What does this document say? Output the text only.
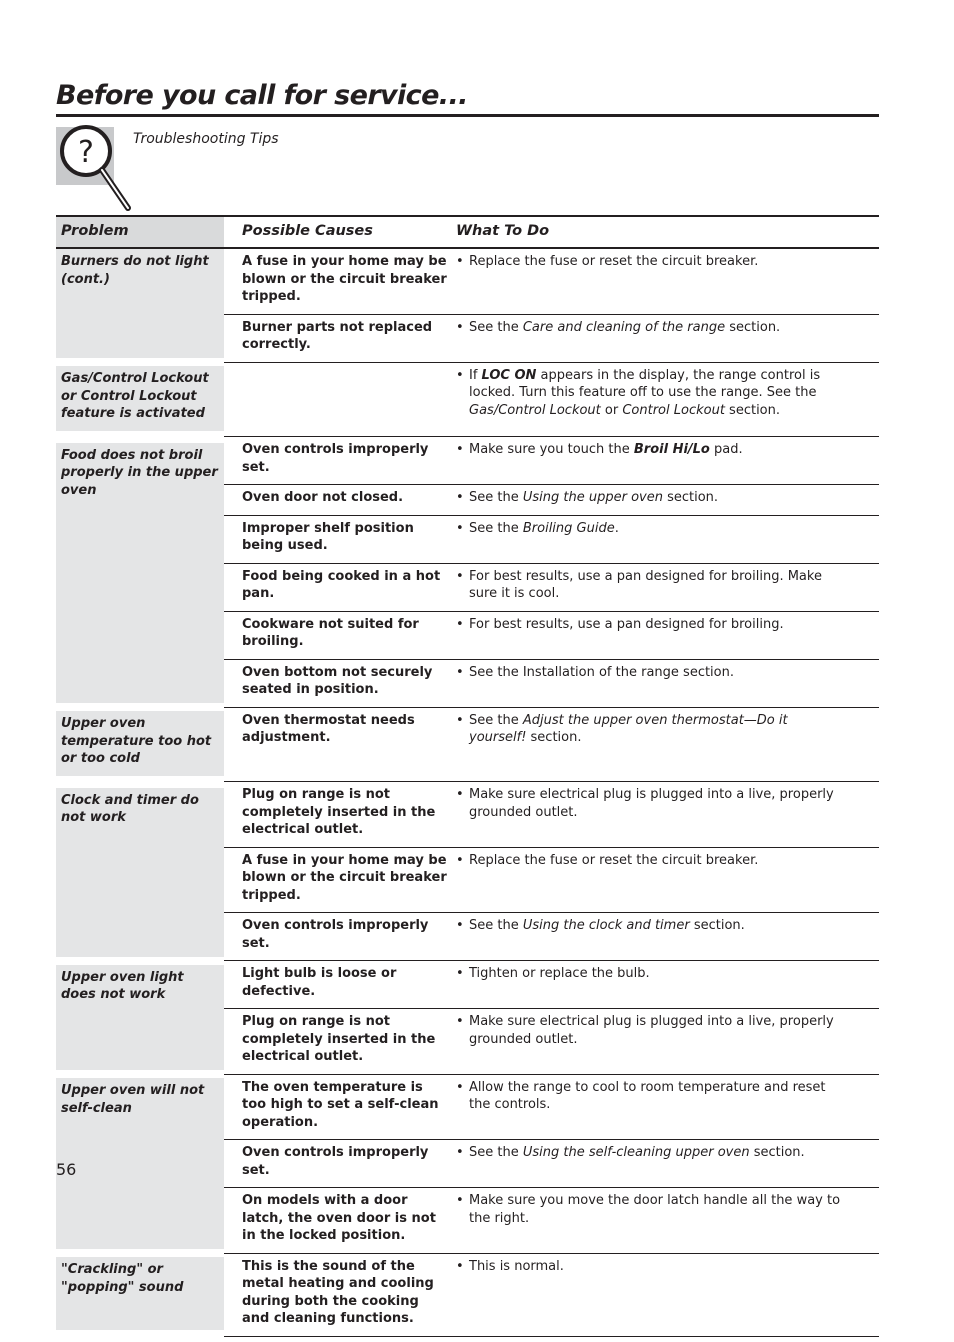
Before you call for service...
?	Troubleshooting Tips
Problem	Possible Causes	What To Do
Burners do not light (cont.)	A fuse in your home may be blown or the circuit breaker tripped.	• Replace the fuse or reset the circuit breaker.

	Burner parts not replaced correctly.	• See the Care and cleaning of the range section.

Gas/Control Lockout or Control Lockout feature is activated		• If LOC ON appears in the display, the range control is locked. Turn this feature off to use the range. See the Gas/Control Lockout or Control Lockout section.

Food does not broil properly in the upper oven	Oven controls improperly set.	• Make sure you touch the Broil Hi/Lo pad.

	Oven door not closed.	• See the Using the upper oven section.

	Improper shelf position being used.	• See the Broiling Guide.

	Food being cooked in a hot pan.	• For best results, use a pan designed for broiling. Make sure it is cool.

	Cookware not suited for broiling.	• For best results, use a pan designed for broiling.

	Oven bottom not securely seated in position.	• See the Installation of the range section.

Upper oven temperature too hot or too cold	Oven thermostat needs adjustment.	• See the Adjust the upper oven thermostat—Do it yourself! section.

Clock and timer do not work	Plug on range is not completely inserted in the electrical outlet.	• Make sure electrical plug is plugged into a live, properly grounded outlet.

	A fuse in your home may be blown or the circuit breaker tripped.	• Replace the fuse or reset the circuit breaker.

	Oven controls improperly set.	• See the Using the clock and timer section.

Upper oven light does not work	Light bulb is loose or defective.	• Tighten or replace the bulb.

	Plug on range is not completely inserted in the electrical outlet.	• Make sure electrical plug is plugged into a live, properly grounded outlet.

Upper oven will not self-clean	The oven temperature is too high to set a self-clean operation.	• Allow the range to cool to room temperature and reset the controls.

	Oven controls improperly set.	• See the Using the self-cleaning upper oven section.

	On models with a door latch, the oven door is not in the locked position.	• Make sure you move the door latch handle all the way to the right.

"Crackling" or "popping" sound	This is the sound of the metal heating and cooling during both the cooking and cleaning functions.	• This is normal.
56
